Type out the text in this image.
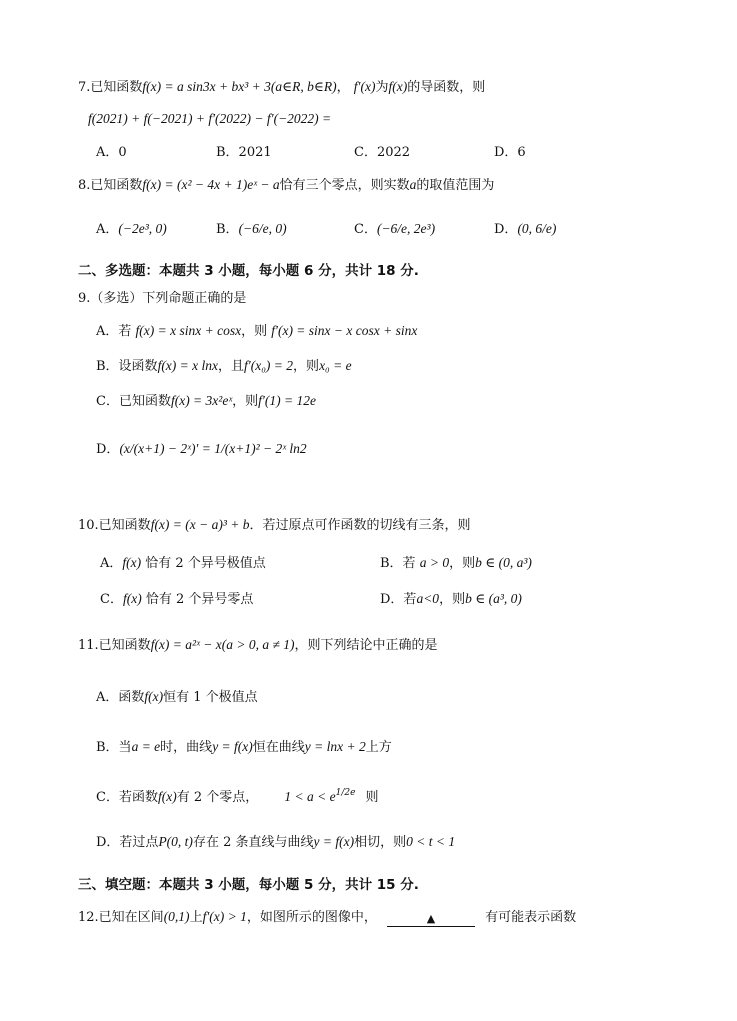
7.已知函数f(x) = a sin3x + bx³ + 3(a∈R, b∈R)， f′(x)为f(x)的导函数，则
f(2021) + f(−2021) + f′(2022) − f′(−2022) =
A．0	B．2021	C．2022	D．6
8.已知函数f(x) = (x² − 4x + 1)eˣ − a恰有三个零点，则实数a的取值范围为
A．(−2e³, 0)	B．(−6/e, 0)	C．(−6/e, 2e³)	D．(0, 6/e)
二、多选题：本题共 3 小题，每小题 6 分，共计 18 分.
9.（多选）下列命题正确的是
A．若 f(x) = x sinx + cosx，则 f′(x) = sinx − x cosx + sinx
B．设函数f(x) = x lnx，且f′(x₀) = 2，则x₀ = e
C．已知函数f(x) = 3x²eˣ，则f′(1) = 12e
D．(x/(x+1) − 2ˣ)′ = 1/(x+1)² − 2ˣ ln2
10.已知函数f(x) = (x − a)³ + b．若过原点可作函数的切线有三条，则
A．f(x) 恰有 2 个异号极值点	B．若 a > 0，则b ∈ (0, a³)
C．f(x) 恰有 2 个异号零点	D．若a<0，则b ∈ (a³, 0)
11.已知函数f(x) = a²ˣ − x(a > 0, a ≠ 1)，则下列结论中正确的是
A．函数f(x)恒有 1 个极值点
B．当a = e时，曲线y = f(x)恒在曲线y = lnx + 2上方
C．若函数f(x)有 2 个零点， $1 < a < e^{1/2e}$ 则
D．若过点P(0, t)存在 2 条直线与曲线y = f(x)相切，则0 < t < 1
三、填空题：本题共 3 小题，每小题 5 分，共计 15 分.
12.已知在区间(0,1)上f′(x) > 1，如图所示的图像中，	▲	有可能表示函数
